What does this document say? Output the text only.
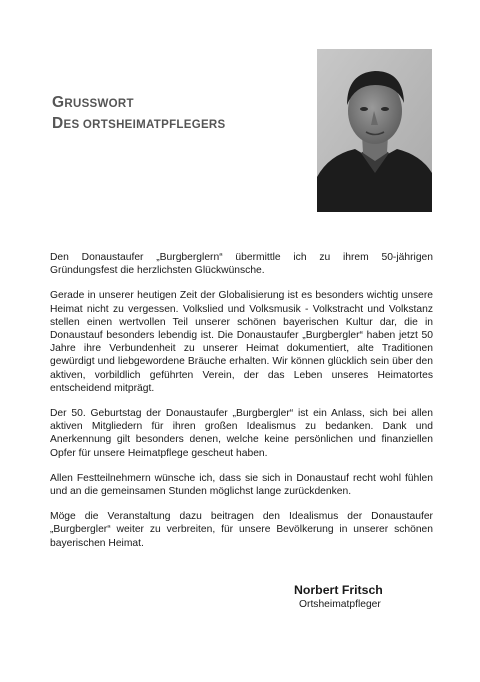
GRUSSWORT
DES ORTSHEIMATPFLEGERS

Den Donaustaufer „Burgberglern“ übermittle ich zu ihrem 50-jährigen Gründungsfest die herzlichsten Glückwünsche.

Gerade in unserer heutigen Zeit der Globalisierung ist es besonders wichtig unsere Heimat nicht zu vergessen. Volkslied und Volksmusik - Volkstracht und Volkstanz stellen einen wertvollen Teil unserer schönen bayerischen Kultur dar, die in Donaustauf besonders lebendig ist. Die Donaustaufer „Burgbergler“ haben jetzt 50 Jahre ihre Verbundenheit zu unserer Heimat dokumentiert, alte Traditionen gewürdigt und liebgewordene Bräuche erhalten. Wir können glücklich sein über den aktiven, vorbildlich geführten Verein, der das Leben unseres Heimatortes entscheidend mitprägt.

Der 50. Geburtstag der Donaustaufer „Burgbergler“ ist ein Anlass, sich bei allen aktiven Mitgliedern für ihren großen Idealismus zu bedanken. Dank und Anerkennung gilt besonders denen, welche keine persönlichen und finanziellen Opfer für unsere Heimatpflege gescheut haben.

Allen Festteilnehmern wünsche ich, dass sie sich in Donaustauf recht wohl fühlen und an die gemeinsamen Stunden möglichst lange zurückdenken.

Möge die Veranstaltung dazu beitragen den Idealismus der Donaustaufer „Burgbergler“ weiter zu verbreiten, für unsere Bevölkerung in unserer schönen bayerischen Heimat.

Norbert Fritsch
Ortsheimatpfleger
